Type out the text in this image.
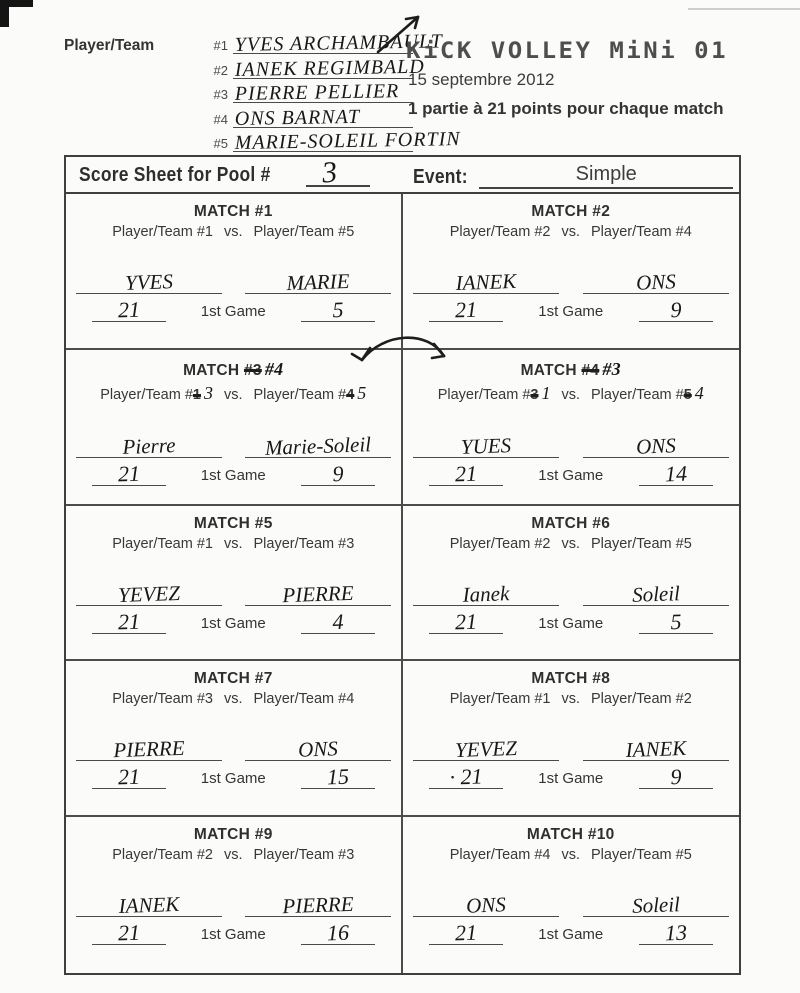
Player/Team	#1 YVES ARCHAMBAULT
#2 IANEK REGIMBALD
#3 PIERRE PELLIER
#4 ONS BARNAT
#5 MARIE-SOLEIL FORTIN
KiCK VOLLEY MiNi 01
15 septembre 2012
1 partie à 21 points pour chaque match
Score Sheet for Pool # 3	Event:	Simple
MATCH #1
Player/Team #1 vs. Player/Team #5
YVES	MARIE
21	1st Game	5
MATCH #2
Player/Team #2 vs. Player/Team #4
IANEK	ONS
21	1st Game	9
MATCH #3 #4
Player/Team #1 3 vs. Player/Team #4 5
Pierre	Marie-Soleil
21	1st Game	9
MATCH #4 #3
Player/Team #3 1 vs. Player/Team #5 4
YUES	ONS
21	1st Game	14
MATCH #5
Player/Team #1 vs. Player/Team #3
YEVEZ	PIERRE
21	1st Game	4
MATCH #6
Player/Team #2 vs. Player/Team #5
Ianek	Soleil
21	1st Game	5
MATCH #7
Player/Team #3 vs. Player/Team #4
PIERRE	ONS
21	1st Game	15
MATCH #8
Player/Team #1 vs. Player/Team #2
YEVEZ	IANEK
∙ 21	1st Game	9
MATCH #9
Player/Team #2 vs. Player/Team #3
IANEK	PIERRE
21	1st Game	16
MATCH #10
Player/Team #4 vs. Player/Team #5
ONS	Soleil
21	1st Game	13
